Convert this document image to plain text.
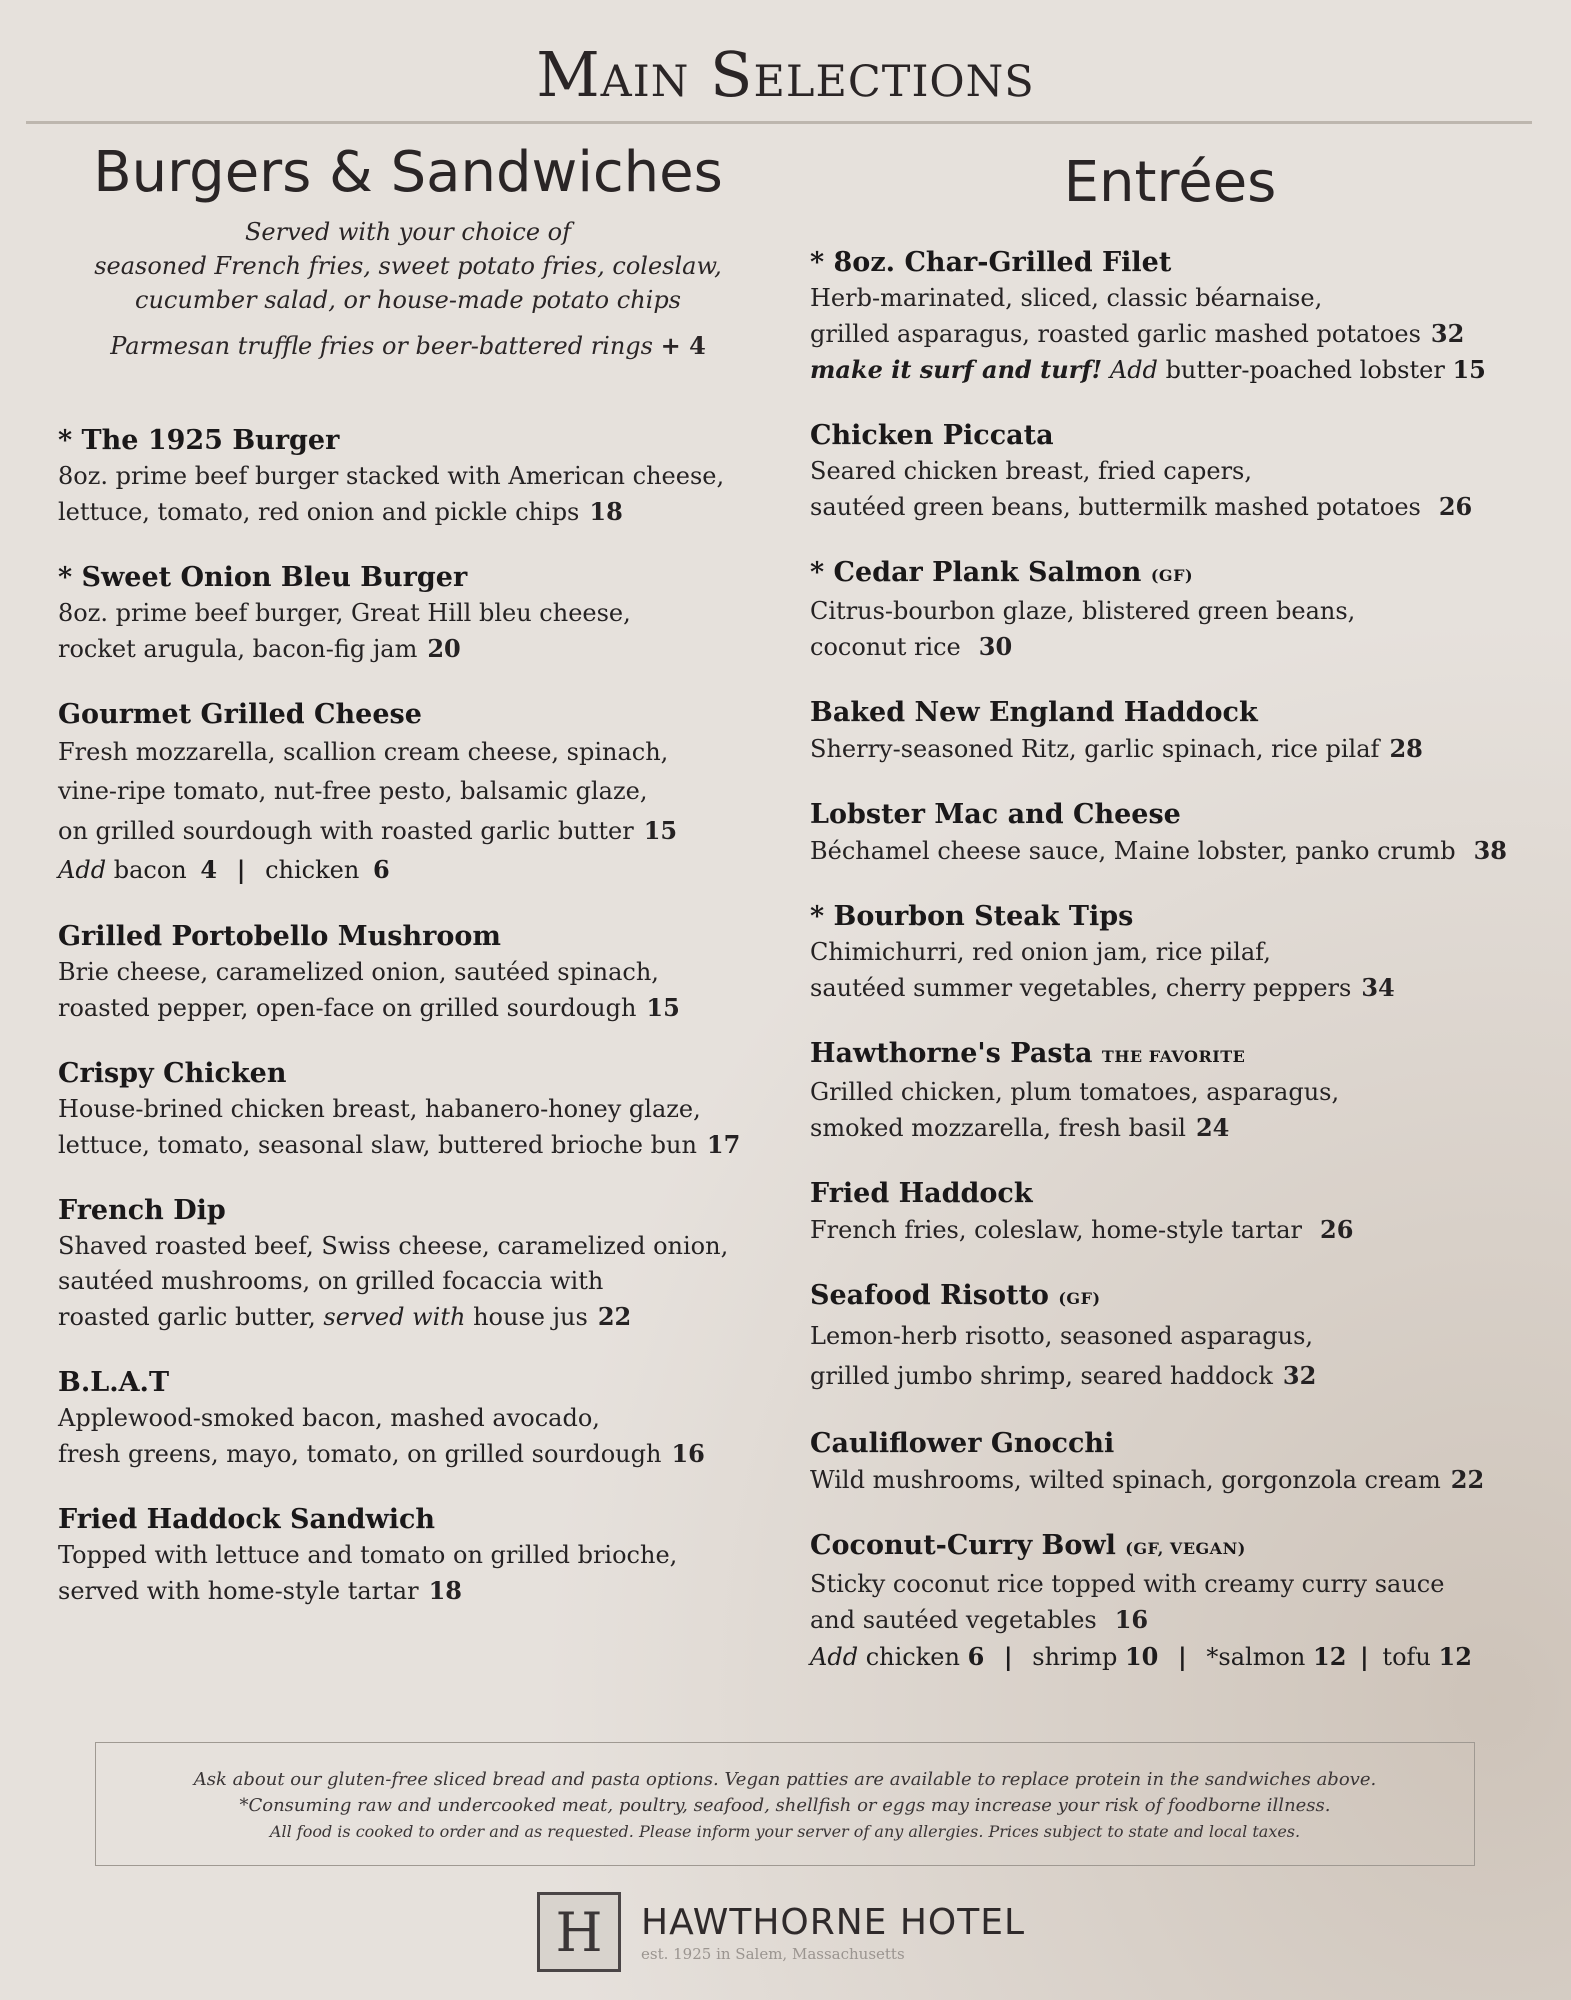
Main Selections
Burgers & Sandwiches
Served with your choice of
seasoned French fries, sweet potato fries, coleslaw,
cucumber salad, or house-made potato chips
Parmesan truffle fries or beer-battered rings + 4
* The 1925 Burger
8oz. prime beef burger stacked with American cheese,
lettuce, tomato, red onion and pickle chips 18
* Sweet Onion Bleu Burger
8oz. prime beef burger, Great Hill bleu cheese,
rocket arugula, bacon-fig jam 20
Gourmet Grilled Cheese
Fresh mozzarella, scallion cream cheese, spinach,
vine-ripe tomato, nut-free pesto, balsamic glaze,
on grilled sourdough with roasted garlic butter 15
Add bacon 4 | chicken 6
Grilled Portobello Mushroom
Brie cheese, caramelized onion, sautéed spinach,
roasted pepper, open-face on grilled sourdough 15
Crispy Chicken
House-brined chicken breast, habanero-honey glaze,
lettuce, tomato, seasonal slaw, buttered brioche bun 17
French Dip
Shaved roasted beef, Swiss cheese, caramelized onion,
sautéed mushrooms, on grilled focaccia with
roasted garlic butter, served with house jus 22
B.L.A.T
Applewood-smoked bacon, mashed avocado,
fresh greens, mayo, tomato, on grilled sourdough 16
Fried Haddock Sandwich
Topped with lettuce and tomato on grilled brioche,
served with home-style tartar 18
Entrées
* 8oz. Char-Grilled Filet
Herb-marinated, sliced, classic béarnaise,
grilled asparagus, roasted garlic mashed potatoes 32
make it surf and turf! Add butter-poached lobster 15
Chicken Piccata
Seared chicken breast, fried capers,
sautéed green beans, buttermilk mashed potatoes 26
* Cedar Plank Salmon (GF)
Citrus-bourbon glaze, blistered green beans,
coconut rice 30
Baked New England Haddock
Sherry-seasoned Ritz, garlic spinach, rice pilaf 28
Lobster Mac and Cheese
Béchamel cheese sauce, Maine lobster, panko crumb 38
* Bourbon Steak Tips
Chimichurri, red onion jam, rice pilaf,
sautéed summer vegetables, cherry peppers 34
Hawthorne's Pasta THE FAVORITE
Grilled chicken, plum tomatoes, asparagus,
smoked mozzarella, fresh basil 24
Fried Haddock
French fries, coleslaw, home-style tartar 26
Seafood Risotto (GF)
Lemon-herb risotto, seasoned asparagus,
grilled jumbo shrimp, seared haddock 32
Cauliflower Gnocchi
Wild mushrooms, wilted spinach, gorgonzola cream 22
Coconut-Curry Bowl (GF, VEGAN)
Sticky coconut rice topped with creamy curry sauce
and sautéed vegetables 16
Add chicken 6 | shrimp 10 | *salmon 12 | tofu 12
Ask about our gluten-free sliced bread and pasta options. Vegan patties are available to replace protein in the sandwiches above.
*Consuming raw and undercooked meat, poultry, seafood, shellfish or eggs may increase your risk of foodborne illness.
All food is cooked to order and as requested. Please inform your server of any allergies. Prices subject to state and local taxes.
H HAWTHORNE HOTEL
est. 1925 in Salem, Massachusetts
